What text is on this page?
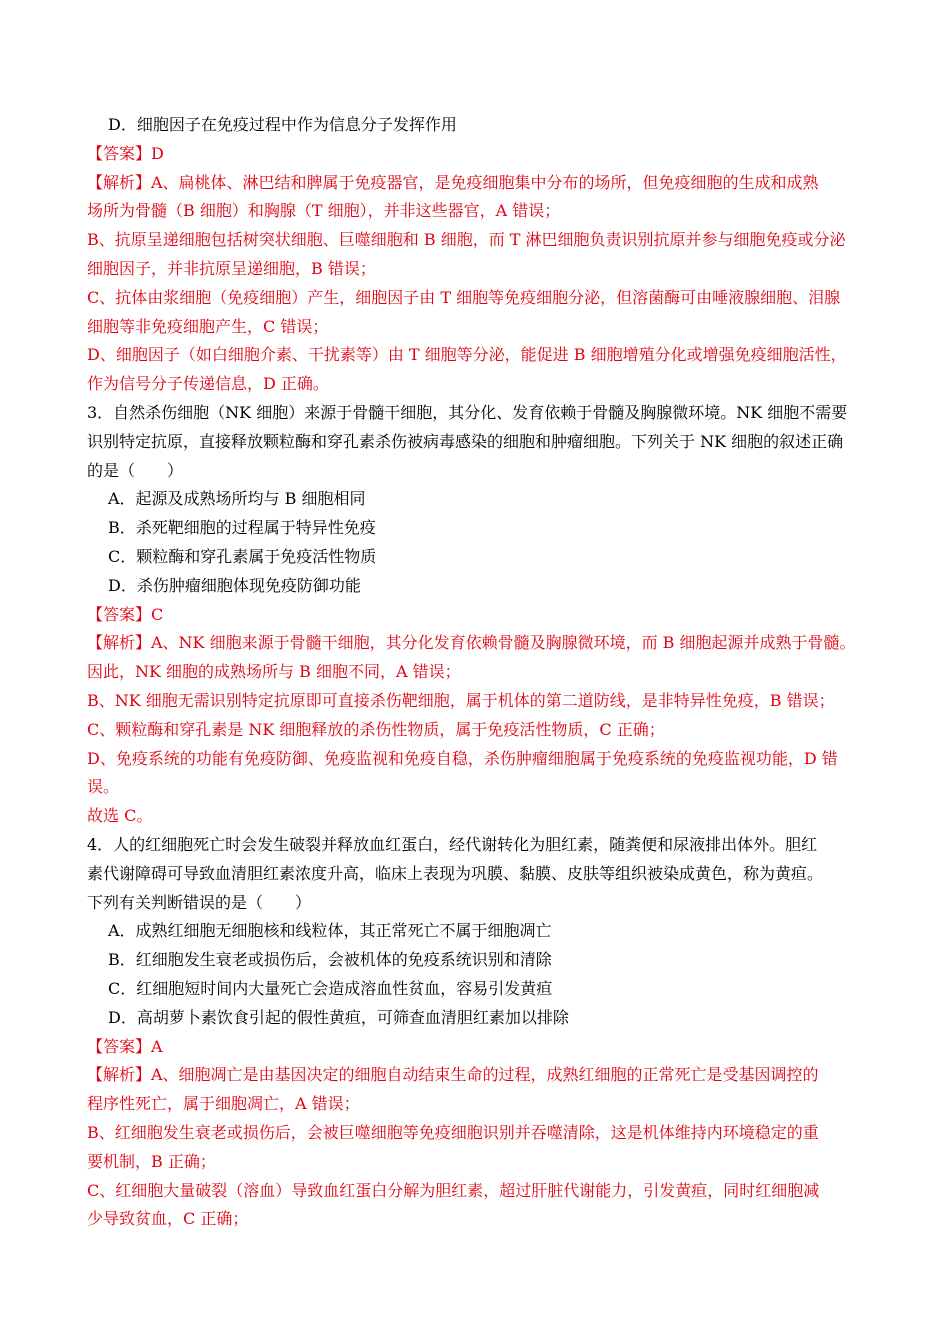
D．细胞因子在免疫过程中作为信息分子发挥作用
【答案】D
【解析】A、扁桃体、淋巴结和脾属于免疫器官，是免疫细胞集中分布的场所，但免疫细胞的生成和成熟
场所为骨髓（B 细胞）和胸腺（T 细胞），并非这些器官，A 错误；
B、抗原呈递细胞包括树突状细胞、巨噬细胞和 B 细胞，而 T 淋巴细胞负责识别抗原并参与细胞免疫或分泌
细胞因子，并非抗原呈递细胞，B 错误；
C、抗体由浆细胞（免疫细胞）产生，细胞因子由 T 细胞等免疫细胞分泌，但溶菌酶可由唾液腺细胞、泪腺
细胞等非免疫细胞产生，C 错误；
D、细胞因子（如白细胞介素、干扰素等）由 T 细胞等分泌，能促进 B 细胞增殖分化或增强免疫细胞活性，
作为信号分子传递信息，D 正确。
3．自然杀伤细胞（NK 细胞）来源于骨髓干细胞，其分化、发育依赖于骨髓及胸腺微环境。NK 细胞不需要
识别特定抗原，直接释放颗粒酶和穿孔素杀伤被病毒感染的细胞和肿瘤细胞。下列关于 NK 细胞的叙述正确
的是（　　）
A．起源及成熟场所均与 B 细胞相同
B．杀死靶细胞的过程属于特异性免疫
C．颗粒酶和穿孔素属于免疫活性物质
D．杀伤肿瘤细胞体现免疫防御功能
【答案】C
【解析】A、NK 细胞来源于骨髓干细胞，其分化发育依赖骨髓及胸腺微环境，而 B 细胞起源并成熟于骨髓。
因此，NK 细胞的成熟场所与 B 细胞不同，A 错误；
B、NK 细胞无需识别特定抗原即可直接杀伤靶细胞，属于机体的第二道防线，是非特异性免疫，B 错误；
C、颗粒酶和穿孔素是 NK 细胞释放的杀伤性物质，属于免疫活性物质，C 正确；
D、免疫系统的功能有免疫防御、免疫监视和免疫自稳，杀伤肿瘤细胞属于免疫系统的免疫监视功能，D 错
误。
故选 C。
4．人的红细胞死亡时会发生破裂并释放血红蛋白，经代谢转化为胆红素，随粪便和尿液排出体外。胆红
素代谢障碍可导致血清胆红素浓度升高，临床上表现为巩膜、黏膜、皮肤等组织被染成黄色，称为黄疸。
下列有关判断错误的是（　　）
A．成熟红细胞无细胞核和线粒体，其正常死亡不属于细胞凋亡
B．红细胞发生衰老或损伤后，会被机体的免疫系统识别和清除
C．红细胞短时间内大量死亡会造成溶血性贫血，容易引发黄疸
D．高胡萝卜素饮食引起的假性黄疸，可筛查血清胆红素加以排除
【答案】A
【解析】A、细胞凋亡是由基因决定的细胞自动结束生命的过程，成熟红细胞的正常死亡是受基因调控的
程序性死亡，属于细胞凋亡，A 错误；
B、红细胞发生衰老或损伤后，会被巨噬细胞等免疫细胞识别并吞噬清除，这是机体维持内环境稳定的重
要机制，B 正确；
C、红细胞大量破裂（溶血）导致血红蛋白分解为胆红素，超过肝脏代谢能力，引发黄疸，同时红细胞减
少导致贫血，C 正确；
